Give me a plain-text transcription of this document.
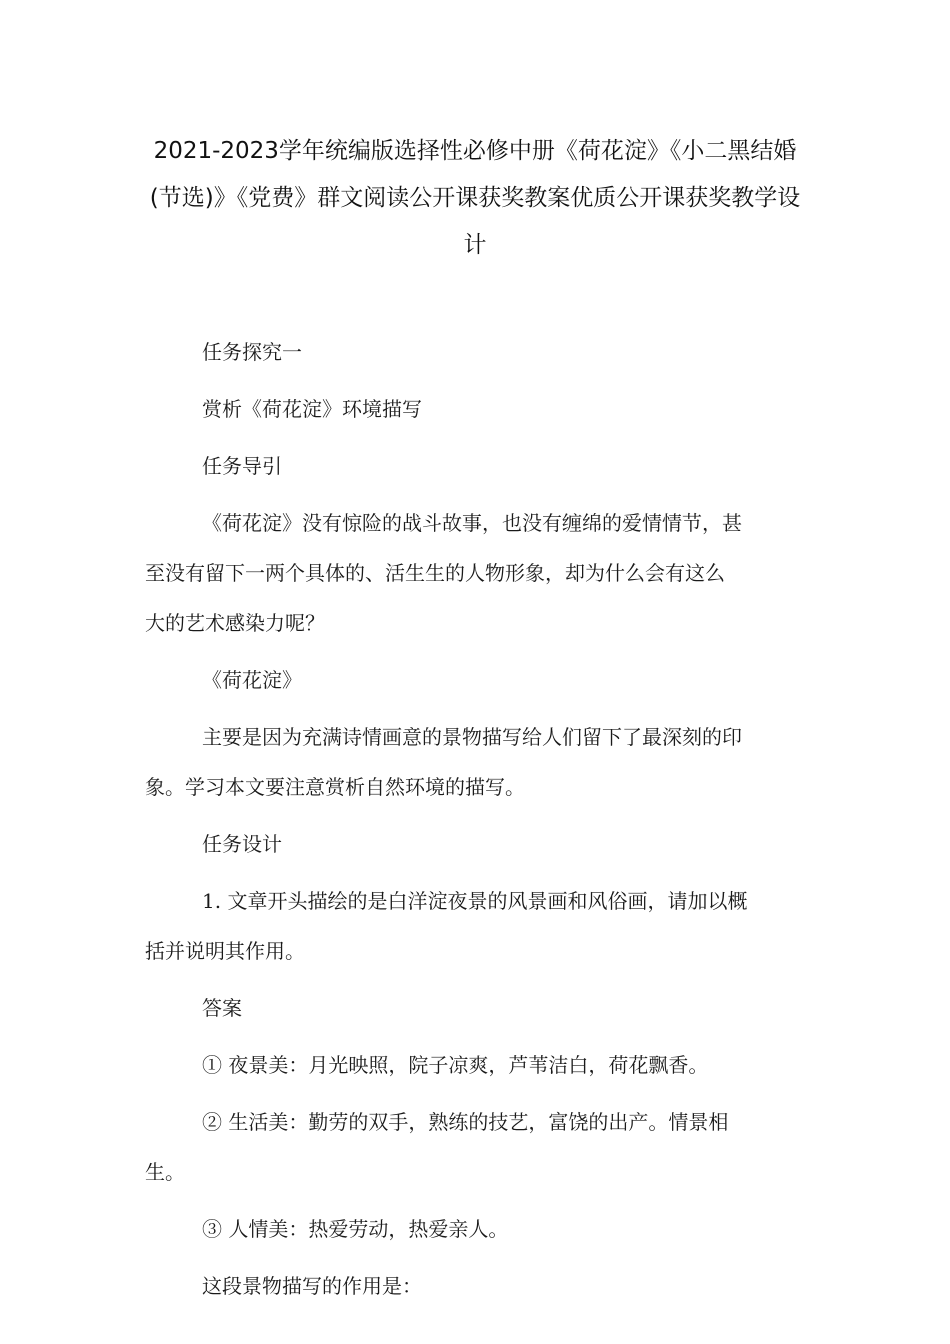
2021-2023学年统编版选择性必修中册《荷花淀》《小二黑结婚
(节选)》《党费》群文阅读公开课获奖教案优质公开课获奖教学设
计

任务探究一

赏析《荷花淀》环境描写

任务导引

《荷花淀》没有惊险的战斗故事，也没有缠绵的爱情情节，甚
至没有留下一两个具体的、活生生的人物形象，却为什么会有这么
大的艺术感染力呢？

《荷花淀》

主要是因为充满诗情画意的景物描写给人们留下了最深刻的印
象。学习本文要注意赏析自然环境的描写。

任务设计

1. 文章开头描绘的是白洋淀夜景的风景画和风俗画，请加以概
括并说明其作用。

答案

① 夜景美：月光映照，院子凉爽，芦苇洁白，荷花飘香。

② 生活美：勤劳的双手，熟练的技艺，富饶的出产。情景相
生。

③ 人情美：热爱劳动，热爱亲人。

这段景物描写的作用是：
